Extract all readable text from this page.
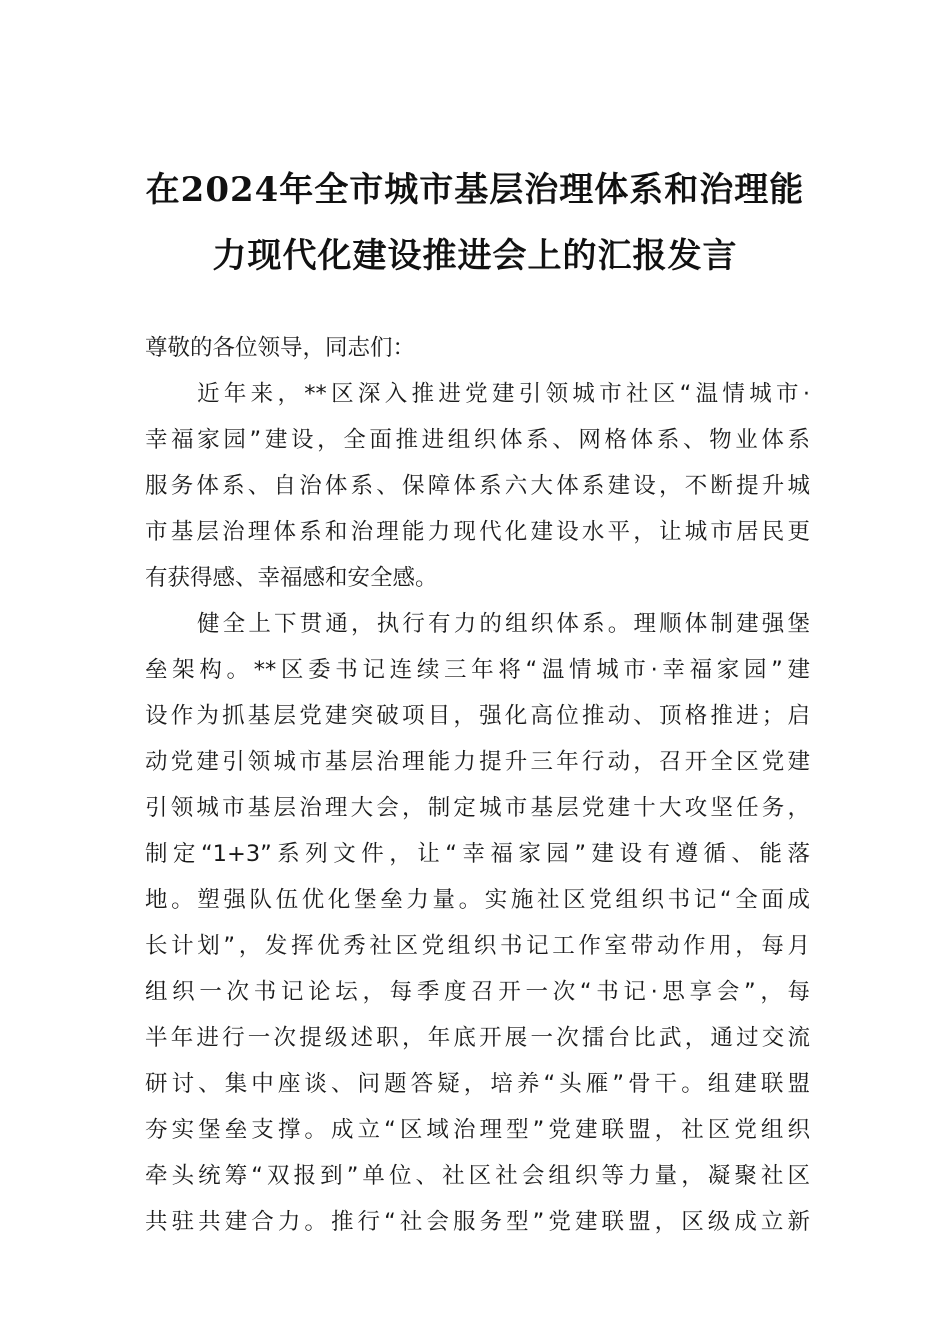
在2024年全市城市基层治理体系和治理能
力现代化建设推进会上的汇报发言
尊敬的各位领导，同志们：
近年来，**区深入推进党建引领城市社区“温情城市·
幸福家园”建设，全面推进组织体系、网格体系、物业体系
服务体系、自治体系、保障体系六大体系建设，不断提升城
市基层治理体系和治理能力现代化建设水平，让城市居民更
有获得感、幸福感和安全感。
健全上下贯通，执行有力的组织体系。理顺体制建强堡
垒架构。**区委书记连续三年将“温情城市·幸福家园”建
设作为抓基层党建突破项目，强化高位推动、顶格推进；启
动党建引领城市基层治理能力提升三年行动，召开全区党建
引领城市基层治理大会，制定城市基层党建十大攻坚任务，
制定“1+3”系列文件，让“幸福家园”建设有遵循、能落
地。塑强队伍优化堡垒力量。实施社区党组织书记“全面成
长计划”，发挥优秀社区党组织书记工作室带动作用，每月
组织一次书记论坛，每季度召开一次“书记·思享会”，每
半年进行一次提级述职，年底开展一次擂台比武，通过交流
研讨、集中座谈、问题答疑，培养“头雁”骨干。组建联盟
夯实堡垒支撑。成立“区域治理型”党建联盟，社区党组织
牵头统筹“双报到”单位、社区社会组织等力量，凝聚社区
共驻共建合力。推行“社会服务型”党建联盟，区级成立新
